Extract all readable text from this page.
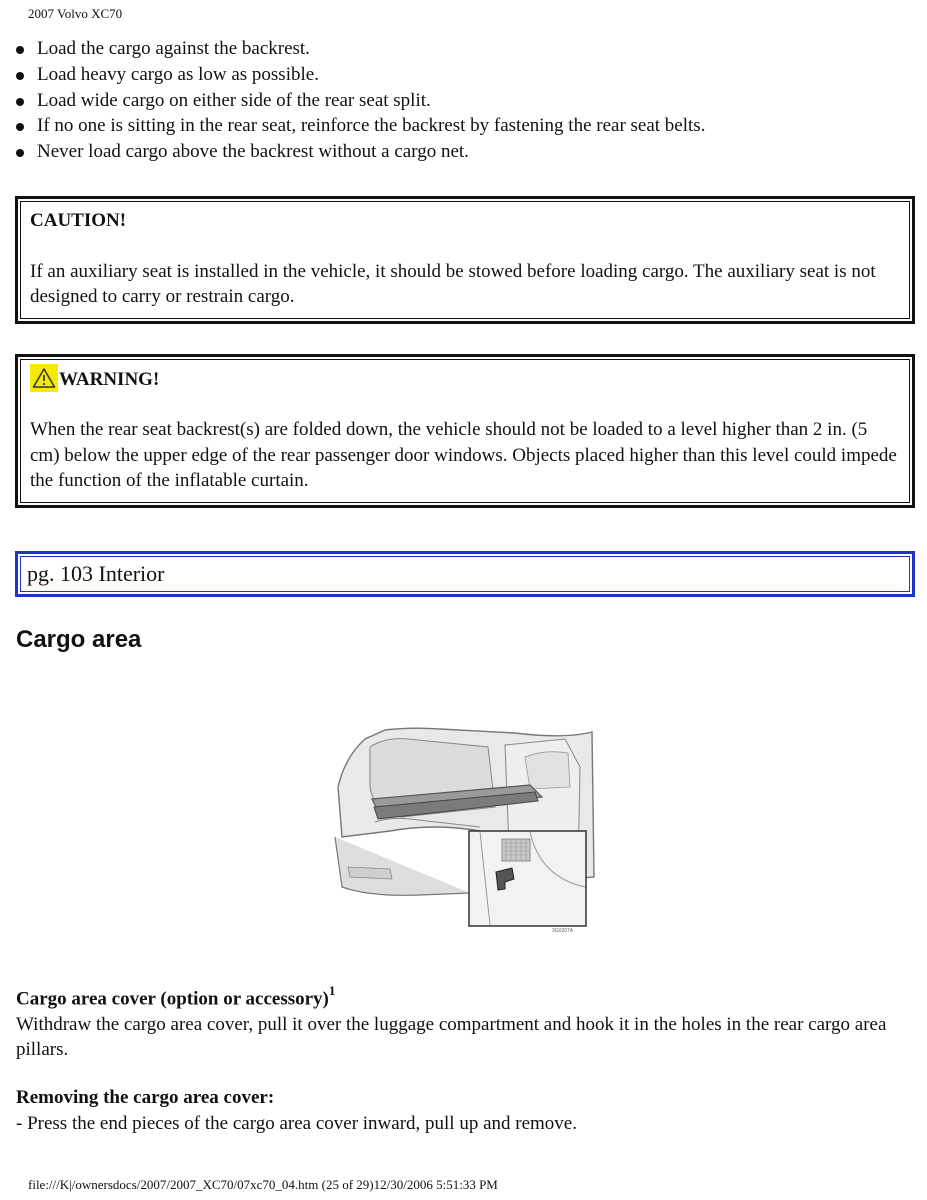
2007 Volvo XC70
Load the cargo against the backrest.
Load heavy cargo as low as possible.
Load wide cargo on either side of the rear seat split.
If no one is sitting in the rear seat, reinforce the backrest by fastening the rear seat belts.
Never load cargo above the backrest without a cargo net.
CAUTION!
If an auxiliary seat is installed in the vehicle, it should be stowed before loading cargo. The auxiliary seat is not designed to carry or restrain cargo.
WARNING!
When the rear seat backrest(s) are folded down, the vehicle should not be loaded to a level higher than 2 in. (5 cm) below the upper edge of the rear passenger door windows. Objects placed higher than this level could impede the function of the inflatable curtain.
pg. 103 Interior
Cargo area
3G0207A
Cargo area cover (option or accessory)$^1$
Withdraw the cargo area cover, pull it over the luggage compartment and hook it in the holes in the rear cargo area pillars.
Removing the cargo area cover:
- Press the end pieces of the cargo area cover inward, pull up and remove.
file:///K|/ownersdocs/2007/2007_XC70/07xc70_04.htm (25 of 29)12/30/2006 5:51:33 PM
